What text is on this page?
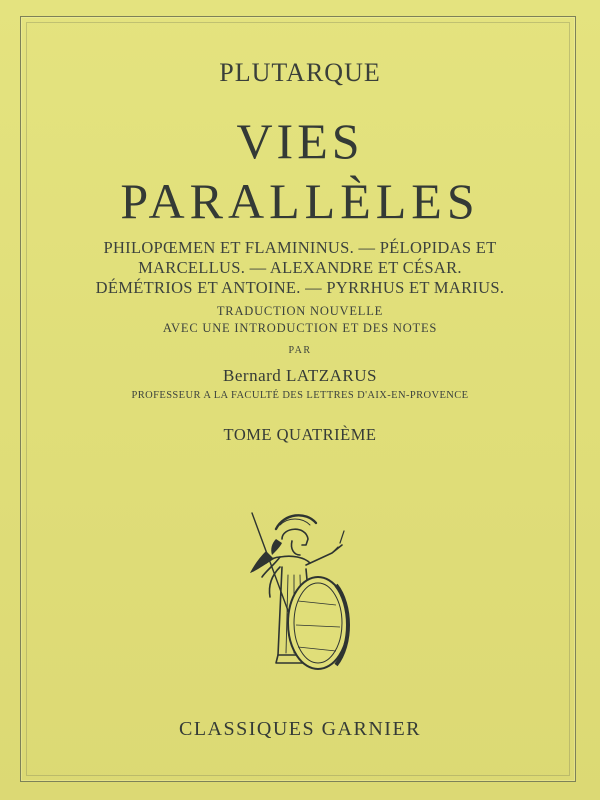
PLUTARQUE
VIES
PARALLÈLES
PHILOPŒMEN ET FLAMININUS. — PÉLOPIDAS ET
MARCELLUS. — ALEXANDRE ET CÉSAR.
DÉMÉTRIOS ET ANTOINE. — PYRRHUS ET MARIUS.
TRADUCTION NOUVELLE
AVEC UNE INTRODUCTION ET DES NOTES
PAR
Bernard LATZARUS
PROFESSEUR A LA FACULTÉ DES LETTRES D'AIX-EN-PROVENCE
TOME QUATRIÈME
CLASSIQUES GARNIER
